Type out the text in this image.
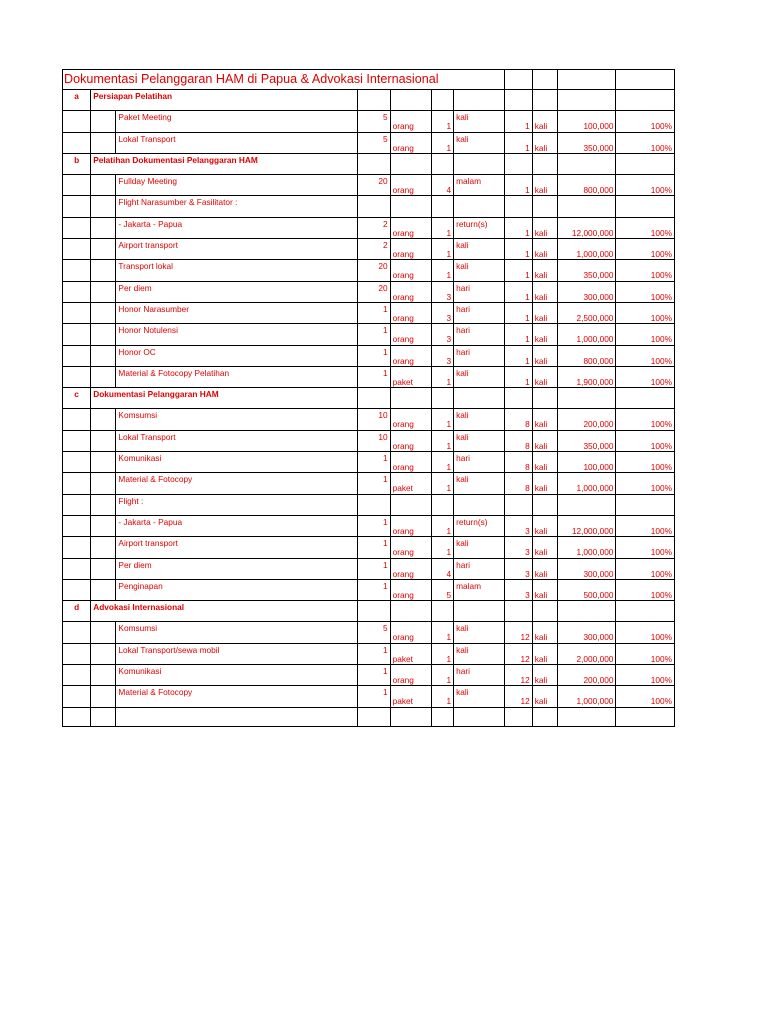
Dokumentasi Pelanggaran HAM di Papua & Advokasi Internasional										
a	Persiapan Pelatihan									
		Paket Meeting	5	orang	1	kali	1	kali	100,000	100%
		Lokal Transport	5	orang	1	kali	1	kali	350,000	100%
b	Pelatihan Dokumentasi Pelanggaran HAM									
		Fullday Meeting	20	orang	4	malam	1	kali	800,000	100%
		Flight Narasumber & Fasilitator :								
		- Jakarta - Papua	2	orang	1	return(s)	1	kali	12,000,000	100%
		Airport transport	2	orang	1	kali	1	kali	1,000,000	100%
		Transport lokal	20	orang	1	kali	1	kali	350,000	100%
		Per diem	20	orang	3	hari	1	kali	300,000	100%
		Honor Narasumber	1	orang	3	hari	1	kali	2,500,000	100%
		Honor Notulensi	1	orang	3	hari	1	kali	1,000,000	100%
		Honor OC	1	orang	3	hari	1	kali	800,000	100%
		Material & Fotocopy Pelatihan	1	paket	1	kali	1	kali	1,900,000	100%
c	Dokumentasi Pelanggaran HAM									
		Komsumsi	10	orang	1	kali	8	kali	200,000	100%
		Lokal Transport	10	orang	1	kali	8	kali	350,000	100%
		Komunikasi	1	orang	1	hari	8	kali	100,000	100%
		Material & Fotocopy	1	paket	1	kali	8	kali	1,000,000	100%
		Flight :								
		- Jakarta - Papua	1	orang	1	return(s)	3	kali	12,000,000	100%
		Airport transport	1	orang	1	kali	3	kali	1,000,000	100%
		Per diem	1	orang	4	hari	3	kali	300,000	100%
		Penginapan	1	orang	5	malam	3	kali	500,000	100%
d	Advokasi Internasional									
		Komsumsi	5	orang	1	kali	12	kali	300,000	100%
		Lokal Transport/sewa mobil	1	paket	1	kali	12	kali	2,000,000	100%
		Komunikasi	1	orang	1	hari	12	kali	200,000	100%
		Material & Fotocopy	1	paket	1	kali	12	kali	1,000,000	100%
